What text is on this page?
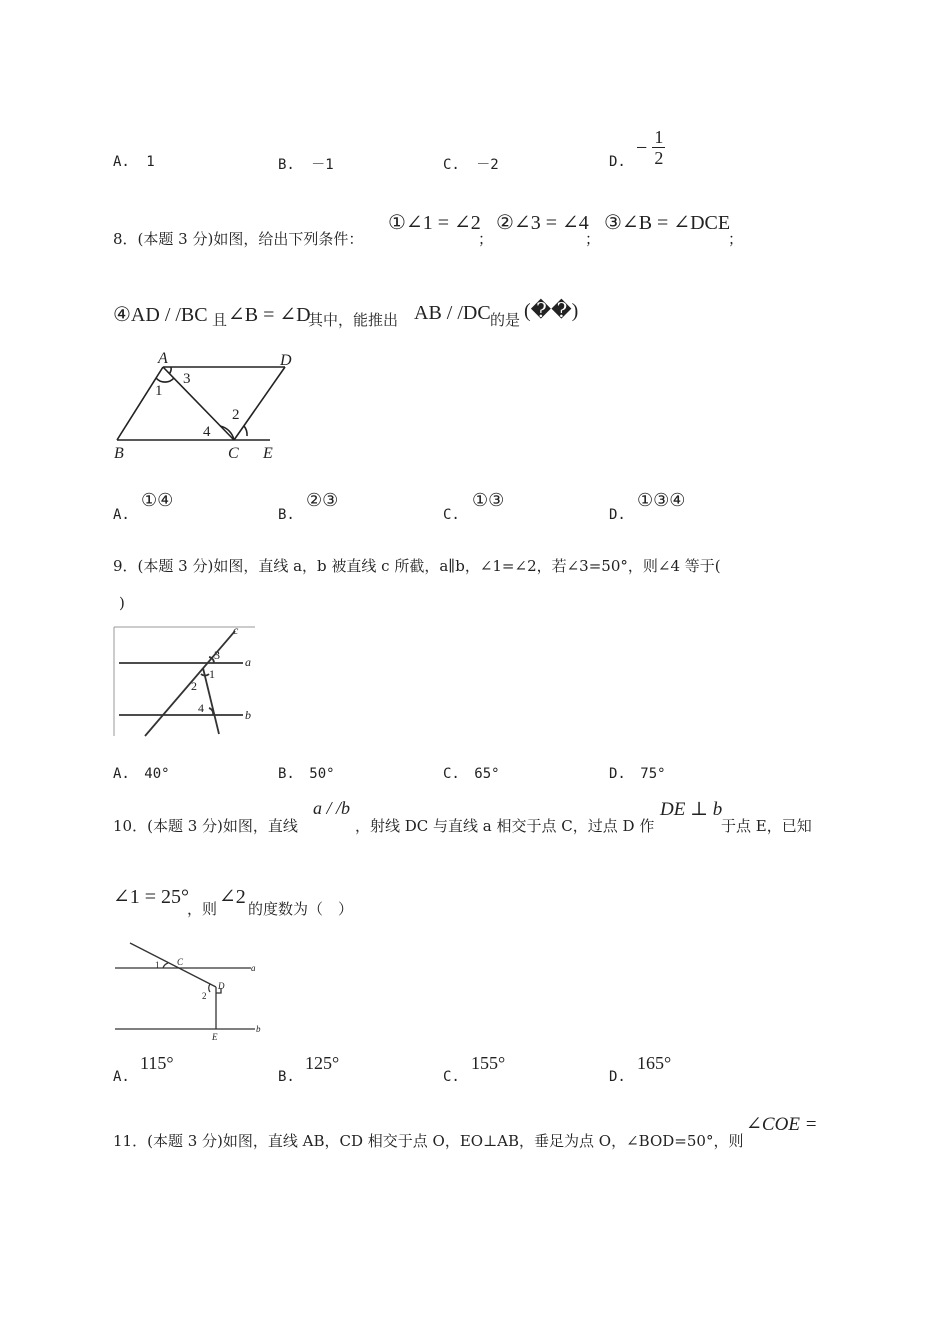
A. 1	B. －1	C. －2	D.
− $\frac{1}{2}$
8．(本题 3 分)如图，给出下列条件：
①∠1 = ∠2
；
②∠3 = ∠4
；
③∠B = ∠DCE
；
④AD / /BC 且 ∠B = ∠D
其中，能推出 AB / /DC 的是 (��)
A	D
B	C E
1
2
3
4
A.
①④
B.
②③
C.
①③
D.
①③④
9．(本题 3 分)如图，直线 a，b 被直线 c 所截，a∥b，∠1=∠2，若∠3=50°，则∠4 等于(
)
3
1
2
4
a
b
c
A. 40°	B. 50°	C. 65°	D. 75°
10．(本题 3 分)如图，直线
a / /b
，射线 DC 与直线 a 相交于点 C，过点 D 作
DE ⊥ b
于点 E，已知
∠1 = 25°
，则
∠2
的度数为（　）
1
2
C
D
E
a
b
A.
115°
B.
125°
C.
155°
D.
165°
11．(本题 3 分)如图，直线 AB，CD 相交于点 O，EO⊥AB，垂足为点 O，∠BOD=50°，则
∠COE =
